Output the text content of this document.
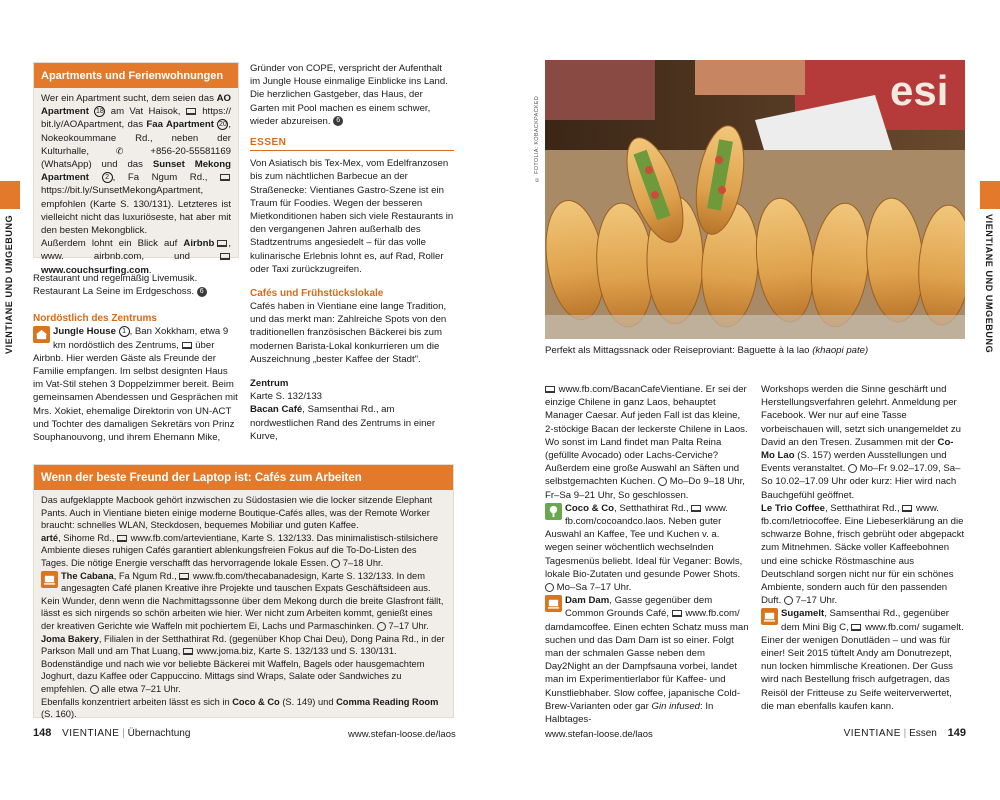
VIENTIANE UND UMGEBUNG	VIENTIANE UND UMGEBUNG
Apartments und Ferienwohnungen
Wer ein Apartment sucht, dem seien das AO Apartment 18 am Vat Haisok, https:// bit.ly/AOApartment, das Faa Apartment 20 , Nokeokoummane Rd., neben der Kulturhalle,	✆	+856-20-55581169 (WhatsApp) und das Sunset Mekong Apartment 2 , Fa Ngum Rd.,  https://bit.ly/SunsetMekongApartment, empfohlen (Karte S. 130/131). Letzteres ist vielleicht nicht das luxuriöseste, hat aber mit den besten Mekongblick.
Außerdem lohnt ein Blick auf Airbnb , www. airbnb.com, und  www.couchsurfing.com.

Restaurant und regelmäßig Livemusik. Restaurant La Seine im Erdgeschoss. 6

Nordöstlich des Zentrums

Jungle House 1 , Ban Xokkham, etwa 9 km nordöstlich des Zentrums, über Airbnb. Hier werden Gäste als Freunde der Familie empfangen. Im selbst designten Haus im Vat-Stil stehen 3 Doppelzimmer bereit. Beim gemeinsamen Abendessen und Gesprächen mit Mrs. Xokiet, ehemalige Direktorin von UN-ACT und Tochter des damaligen Sekretärs von Prinz Souphanouvong, und ihrem Ehemann Mike,

Gründer von COPE, verspricht der Aufenthalt im Jungle House einmalige Einblicke ins Land. Die herzlichen Gastgeber, das Haus, der Garten mit Pool machen es einem schwer, wieder abzureisen. 6

ESSEN

Von Asiatisch bis Tex-Mex, vom Edelfranzosen bis zum nächtlichen Barbecue an der Straßenecke: Vientianes Gastro-Szene ist ein Traum für Foodies. Wegen der besseren Mietkonditionen haben sich viele Restaurants in den vergangenen Jahren außerhalb des Stadtzentrums angesiedelt – für das volle kulinarische Erlebnis lohnt es, auf Rad, Roller oder Taxi zurückzugreifen.

Cafés und Frühstückslokale

Cafés haben in Vientiane eine lange Tradition, und das merkt man: Zahlreiche Spots von den traditionellen französischen Bäckerei bis zum modernen Barista-Lokal konkurrieren um die Auszeichnung „bester Kaffee der Stadt".

Zentrum

Karte S. 132/133

Bacan Café, Samsenthai Rd., am nordwestlichen Rand des Zentrums in einer Kurve,

Wenn der beste Freund der Laptop ist: Cafés zum Arbeiten

Das aufgeklappte Macbook gehört inzwischen zu Südostasien wie die locker sitzende Elephant Pants. Auch in Vientiane bieten einige moderne Boutique-Cafés alles, was der Remote Worker braucht: schnelles WLAN, Steckdosen, bequemes Mobiliar und guten Kaffee.

arté, Sihome Rd., www.fb.com/artevientiane, Karte S. 132/133. Das minimalistisch-stilsichere Ambiente dieses ruhigen Cafés garantiert ablenkungsfreien Fokus auf die To-Do-Listen des Tages. Die nötige Energie verschafft das hervorragende lokale Essen. 7–18 Uhr.

The Cabana, Fa Ngum Rd., www.fb.com/thecabanadesign, Karte S. 132/133. In dem angesagten Café planen Kreative ihre Projekte und tauschen Expats Geschäftsideen aus. Kein Wunder, denn wenn die Nachmittagssonne über dem Mekong durch die breite Glasfront fällt, lässt es sich nirgends so schön arbeiten wie hier. Wer nicht zum Arbeiten kommt, genießt eines der kreativen Gerichte wie Waffeln mit pochiertem Ei, Lachs und Parmaschinken. 7–17 Uhr.

Joma Bakery, Filialen in der Setthathirat Rd. (gegenüber Khop Chai Deu), Dong Paina Rd., in der Parkson Mall und am That Luang, www.joma.biz, Karte S. 132/133 und S. 130/131. Bodenständige und nach wie vor beliebte Bäckerei mit Waffeln, Bagels oder hausgemachtem Joghurt, dazu Kaffee oder Cappuccino. Mittags sind Wraps, Salate oder Sandwiches zu empfehlen. alle etwa 7–21 Uhr.

Ebenfalls konzentriert arbeiten lässt es sich in Coco & Co (S. 149) und Comma Reading Room (S. 160).

© FOTOLIA: KOBACKPACKED
esi
Perfekt als Mittagssnack oder Reiseproviant: Baguette à la lao (khaopi pate)

www.fb.com/BacanCafeVientiane. Er sei der einzige Chilene in ganz Laos, behauptet Manager Caesar. Auf jeden Fall ist das kleine, 2-stöckige Bacan der leckerste Chilene in Laos. Wo sonst im Land findet man Palta Reina (gefüllte Avocado) oder Lachs-Cerviche? Außerdem eine große Auswahl an Säften und selbstgemachten Kuchen. Mo–Do 9–18 Uhr, Fr–Sa 9–21 Uhr, So geschlossen.

Coco & Co, Setthathirat Rd., www. fb.com/cocoandco.laos. Neben guter Auswahl an Kaffee, Tee und Kuchen v. a. wegen seiner wöchentlich wechselnden Tagesmenüs beliebt. Ideal für Veganer: Bowls, lokale Bio-Zutaten und gesunde Power Shots.  Mo–Sa 7–17 Uhr.

Dam Dam, Gasse gegenüber dem Common Grounds Café, www.fb.com/ damdamcoffee. Einen echten Schatz muss man suchen und das Dam Dam ist so einer. Folgt man der schmalen Gasse neben dem Day2Night an der Dampfsauna vorbei, landet man im Experimentierlabor für Kaffee- und Kunstliebhaber. Slow coffee, japanische Cold-Brew-Varianten oder gar Gin infused: In Halbtages-

Workshops werden die Sinne geschärft und Herstellungsverfahren gelehrt. Anmeldung per Facebook. Wer nur auf eine Tasse vorbeischauen will, setzt sich unangemeldet zu David an den Tresen. Zusammen mit der Co-Mo Lao (S. 157) werden Ausstellungen und Events veranstaltet. Mo–Fr 9.02–17.09, Sa–So 10.02–17.09 Uhr oder kurz: Hier wird nach Bauchgefühl geöffnet.

Le Trio Coffee, Setthathirat Rd., www. fb.com/letriocoffee. Eine Liebeserklärung an die schwarze Bohne, frisch gebrüht oder abgepackt zum Mitnehmen. Säcke voller Kaffeebohnen und eine schicke Röstmaschine aus Deutschland sorgen nicht nur für ein schönes Ambiente, sondern auch für den passenden Duft. 7–17 Uhr.

Sugamelt, Samsenthai Rd., gegenüber dem Mini Big C, www.fb.com/ sugamelt. Einer der wenigen Donutläden – und was für einer! Seit 2015 tüftelt Andy am Donutrezept, nun locken himmlische Kreationen. Der Guss wird nach Bestellung frisch aufgetragen, das Reisöl der Fritteuse zu Seife weiterverwertet, die man ebenfalls kaufen kann.

148 VIENTIANE | Übernachtung	www.stefan-loose.de/laos	www.stefan-loose.de/laos	VIENTIANE | Essen 149
